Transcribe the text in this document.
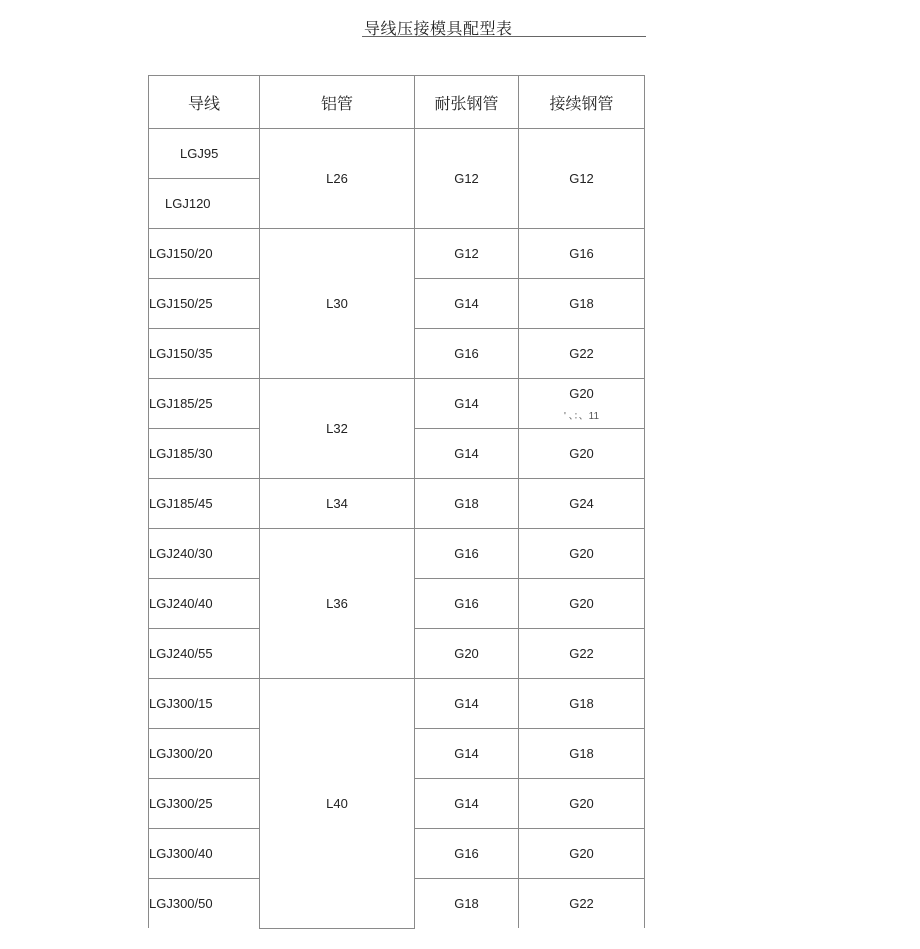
导线压接模具配型表
导线	铝管	耐张钢管	接续钢管
LGJ95	L26	G12	G12
LGJ120			
LGJ150/20	L30	G12	G16
LGJ150/25		G14	G18
LGJ150/35		G16	G22
LGJ185/25	L32	G14	G20
' 、：、11

LGJ185/30		G14	G20
LGJ185/45	L34	G18	G24
LGJ240/30	L36	G16	G20
LGJ240/40		G16	G20
LGJ240/55		G20	G22
LGJ300/15	L40	G14	G18
LGJ300/20		G14	G18
LGJ300/25		G14	G20
LGJ300/40		G16	G20
LGJ300/50		G18	G22
